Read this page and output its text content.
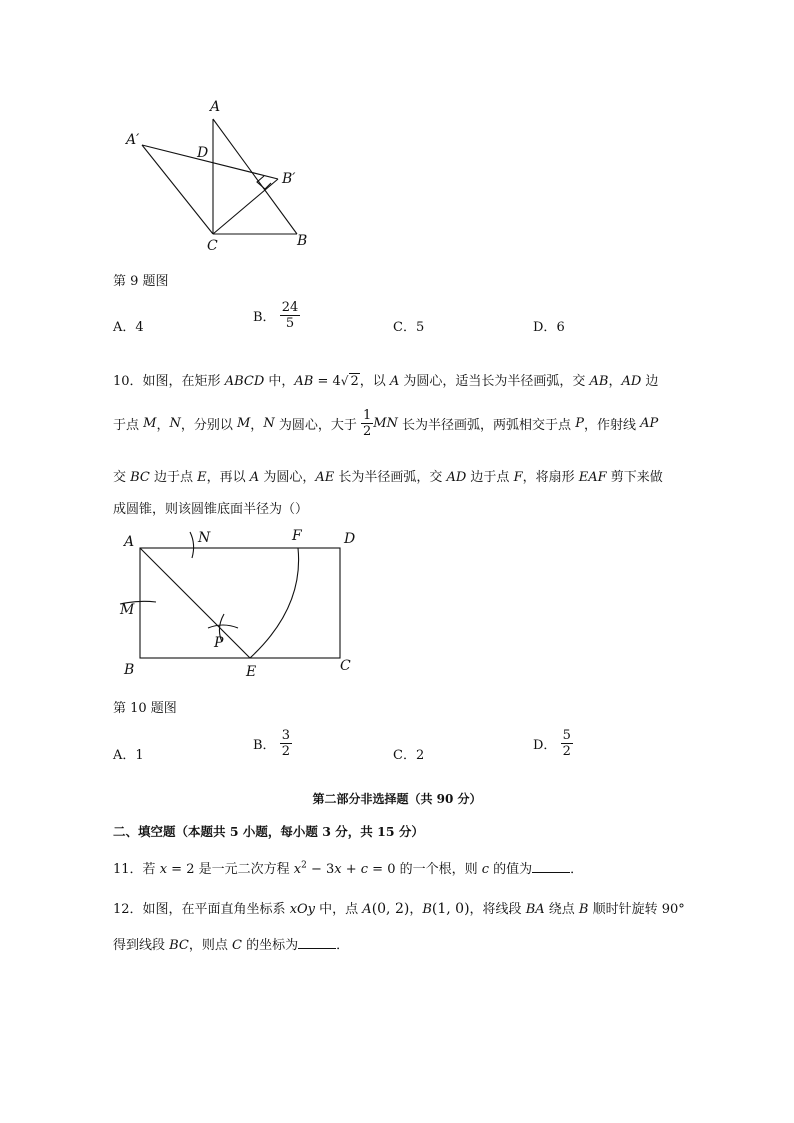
A
A′
D
B′
C	B
第 9 题图
A．4
B． $\frac{24}{5}$	C．5	D．6
10．如图，在矩形 ABCD 中，AB = 4√ 2，以 A 为圆心，适当长为半径画弧，交 AB，AD 边
于点 M，N，分别以 M，N 为圆心，大于 $\frac{1}{2}$ MN 长为半径画弧，两弧相交于点 P，作射线 AP
交 BC 边于点 E，再以 A 为圆心，AE 长为半径画弧，交 AD 边于点 F，将扇形 EAF 剪下来做
成圆锥，则该圆锥底面半径为（）
A	N	F	D
M
P
B	E	C
第 10 题图
A．1
B． $\frac{3}{2}$	C．2
D． $\frac{5}{2}$
第二部分非选择题（共 90 分）
二、填空题（本题共 5 小题，每小题 3 分，共 15 分）
11．若 x = 2 是一元二次方程 $x^2 - 3x + c = 0$ 的一个根，则 c 的值为	．
12．如图，在平面直角坐标系 xOy 中，点 A(0, 2)，B(1, 0)，将线段 BA 绕点 B 顺时针旋转 90°
得到线段 BC，则点 C 的坐标为	．
